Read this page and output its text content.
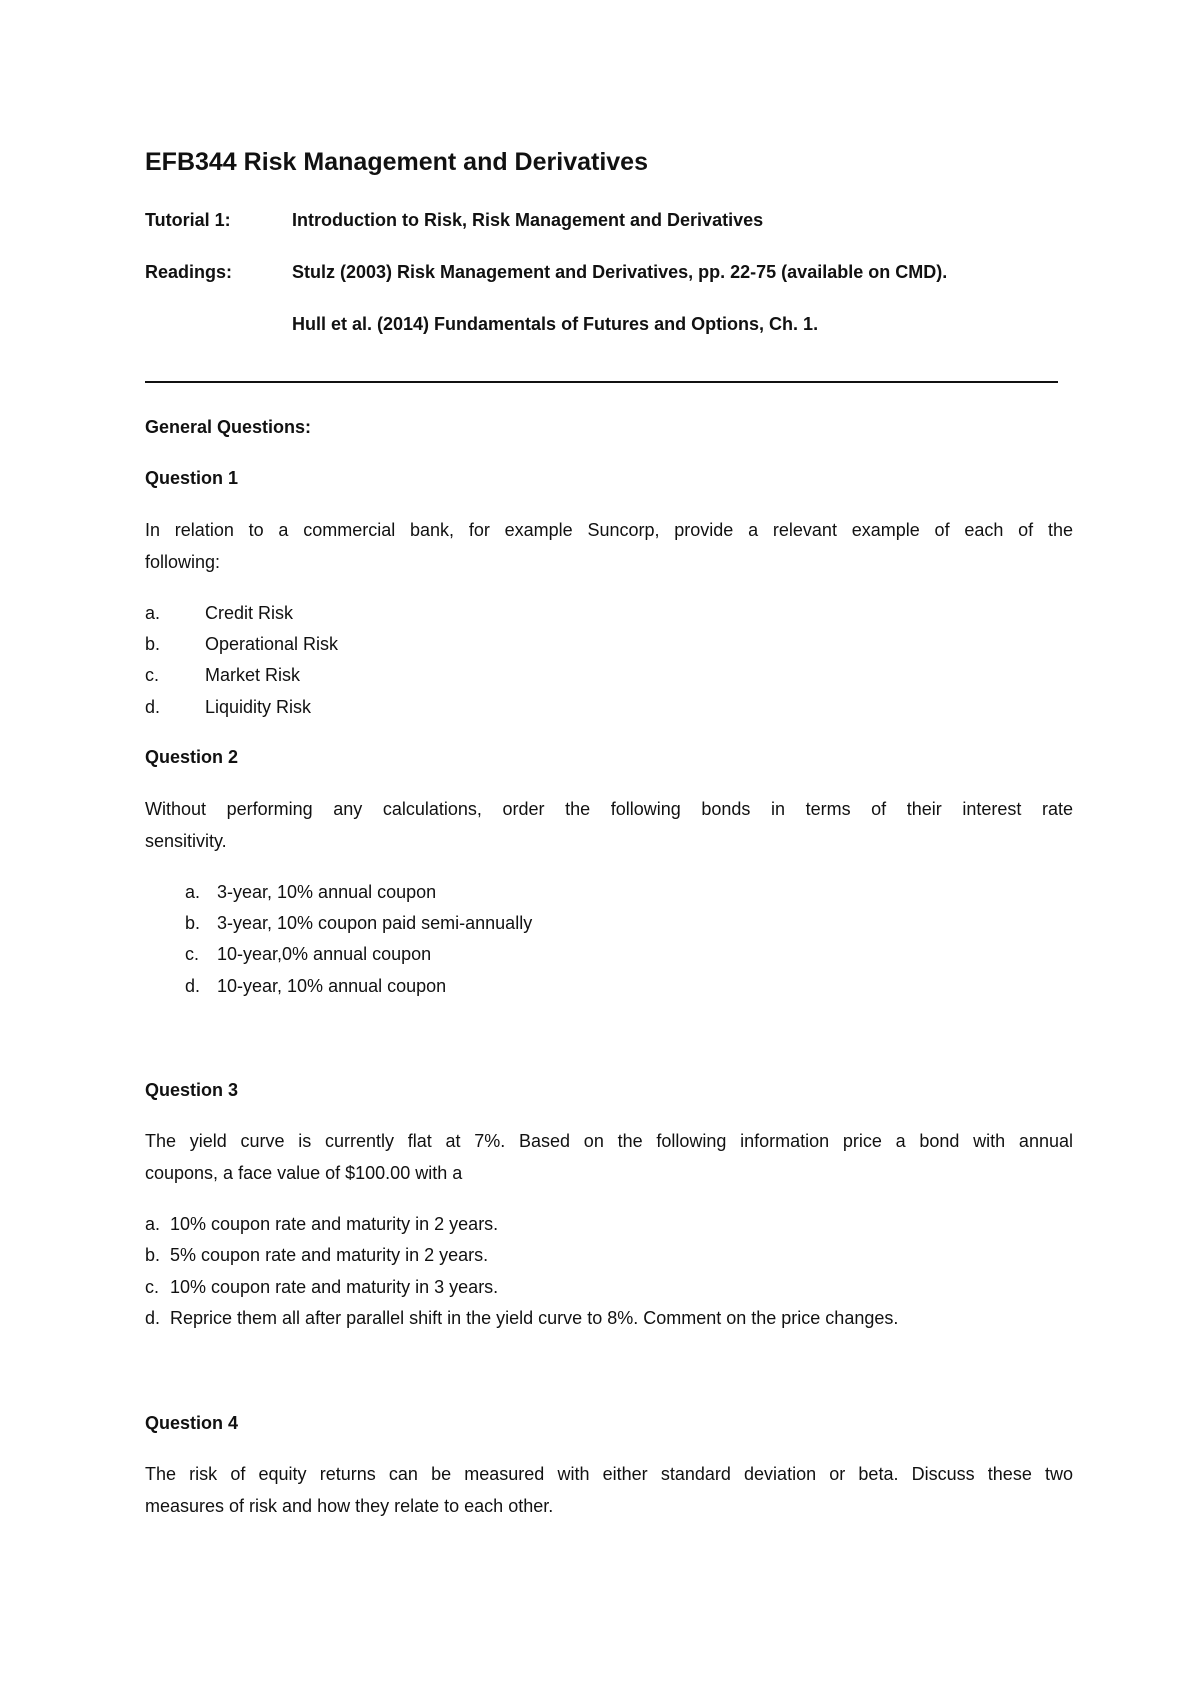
EFB344 Risk Management and Derivatives
Tutorial 1:	Introduction to Risk, Risk Management and Derivatives
Readings:	Stulz (2003) Risk Management and Derivatives, pp. 22-75 (available on CMD).
Hull et al. (2014) Fundamentals of Futures and Options, Ch. 1.
General Questions:
Question 1
In relation to a commercial bank, for example Suncorp, provide a relevant example of each of the
following:
a. Credit Risk
b. Operational Risk
c.	Market Risk
d. Liquidity Risk
Question 2
Without performing any calculations, order the following bonds in terms of their interest rate
sensitivity.
a. 3-year, 10% annual coupon
b. 3-year, 10% coupon paid semi-annually
c. 10-year,0% annual coupon
d. 10-year, 10% annual coupon
Question 3
The yield curve is currently flat at 7%. Based on the following information price a bond with annual
coupons, a face value of $100.00 with a
a. 10% coupon rate and maturity in 2 years.
b. 5% coupon rate and maturity in 2 years.
c. 10% coupon rate and maturity in 3 years.
d. Reprice them all after parallel shift in the yield curve to 8%. Comment on the price changes.
Question 4
The risk of equity returns can be measured with either standard deviation or beta. Discuss these two
measures of risk and how they relate to each other.
